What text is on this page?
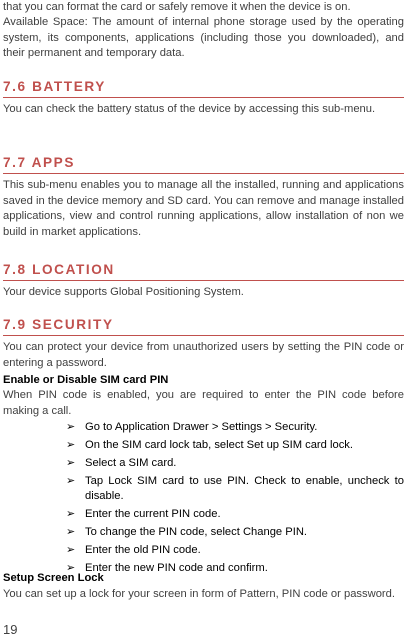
that you can format the card or safely remove it when the device is on.

Available Space: The amount of internal phone storage used by the operating system, its components, applications (including those you downloaded), and their permanent and temporary data.

7.6 BATTERY

You can check the battery status of the device by accessing this sub-menu.

7.7 APPS

This sub-menu enables you to manage all the installed, running and applications saved in the device memory and SD card. You can remove and manage installed applications, view and control running applications, allow installation of non we build in market applications.

7.8 LOCATION

Your device supports Global Positioning System.

7.9 SECURITY

You can protect your device from unauthorized users by setting the PIN code or entering a password.

Enable or Disable SIM card PIN

When PIN code is enabled, you are required to enter the PIN code before making a call.

➢ Go to Application Drawer > Settings > Security.
➢ On the SIM card lock tab, select Set up SIM card lock.
➢ Select a SIM card.
➢ Tap Lock SIM card to use PIN. Check to enable, uncheck to disable.
➢ Enter the current PIN code.
➢ To change the PIN code, select Change PIN.
➢ Enter the old PIN code.
➢ Enter the new PIN code and confirm.
Setup Screen Lock

You can set up a lock for your screen in form of Pattern, PIN code or password.

19
